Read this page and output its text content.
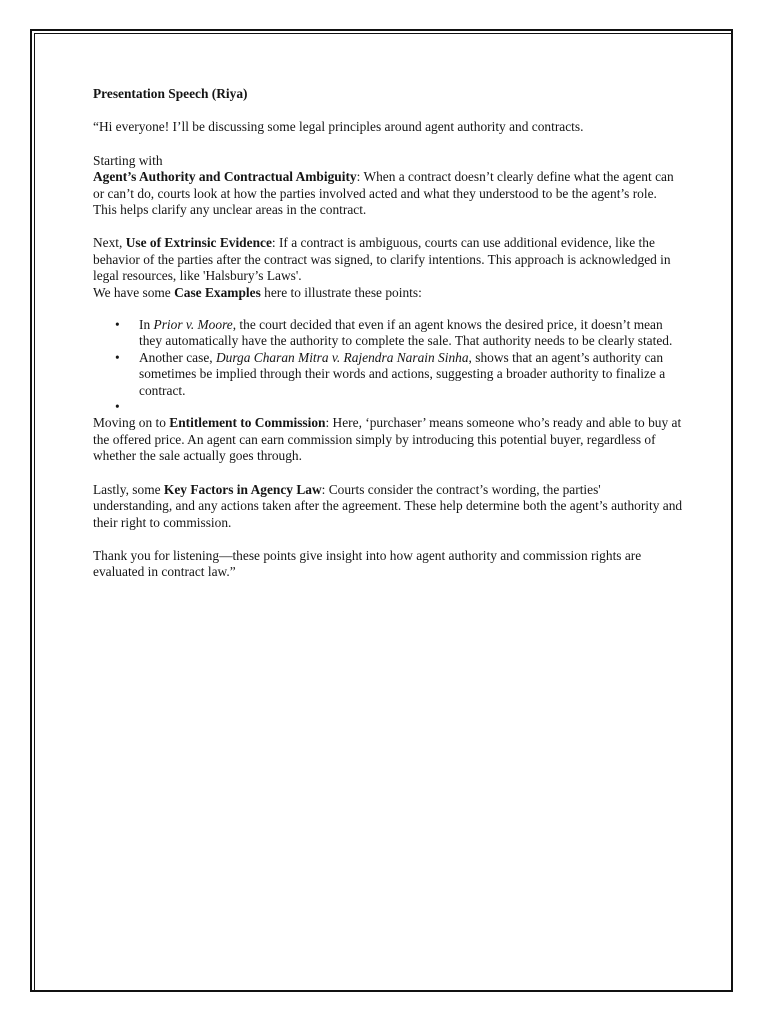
Presentation Speech (Riya)

“Hi everyone! I’ll be discussing some legal principles around agent authority and contracts.

Starting with

Agent’s Authority and Contractual Ambiguity: When a contract doesn’t clearly define what the agent can or can’t do, courts look at how the parties involved acted and what they understood to be the agent’s role. This helps clarify any unclear areas in the contract.

Next, Use of Extrinsic Evidence: If a contract is ambiguous, courts can use additional evidence, like the behavior of the parties after the contract was signed, to clarify intentions. This approach is acknowledged in legal resources, like 'Halsbury’s Laws'.

We have some Case Examples here to illustrate these points:

• In Prior v. Moore, the court decided that even if an agent knows the desired price, it doesn’t mean they automatically have the authority to complete the sale. That authority needs to be clearly stated.
• Another case, Durga Charan Mitra v. Rajendra Narain Sinha, shows that an agent’s authority can sometimes be implied through their words and actions, suggesting a broader authority to finalize a contract.
•

Moving on to Entitlement to Commission: Here, ‘purchaser’ means someone who’s ready and able to buy at the offered price. An agent can earn commission simply by introducing this potential buyer, regardless of whether the sale actually goes through.

Lastly, some Key Factors in Agency Law: Courts consider the contract’s wording, the parties' understanding, and any actions taken after the agreement. These help determine both the agent’s authority and their right to commission.

Thank you for listening—these points give insight into how agent authority and commission rights are evaluated in contract law.”
